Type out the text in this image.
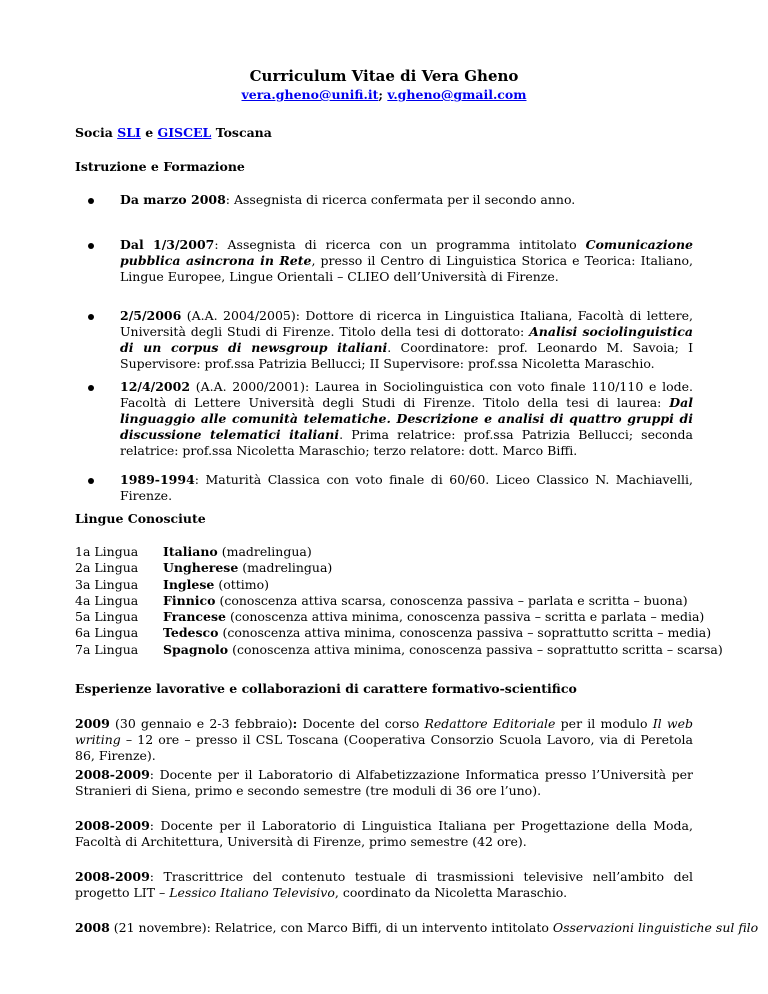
Curriculum Vitae di Vera Gheno
vera.gheno@unifi.it; v.gheno@gmail.com
Socia SLI e GISCEL Toscana
Istruzione e Formazione
Da marzo 2008: Assegnista di ricerca confermata per il secondo anno.
Dal 1/3/2007: Assegnista di ricerca con un programma intitolato Comunicazione pubblica asincrona in Rete, presso il Centro di Linguistica Storica e Teorica: Italiano, Lingue Europee, Lingue Orientali – CLIEO dell’Università di Firenze.
2/5/2006 (A.A. 2004/2005): Dottore di ricerca in Linguistica Italiana, Facoltà di lettere, Università degli Studi di Firenze. Titolo della tesi di dottorato: Analisi sociolinguistica di un corpus di newsgroup italiani. Coordinatore: prof. Leonardo M. Savoia; I Supervisore: prof.ssa Patrizia Bellucci; II Supervisore: prof.ssa Nicoletta Maraschio.
12/4/2002 (A.A. 2000/2001): Laurea in Sociolinguistica con voto finale 110/110 e lode. Facoltà di Lettere Università degli Studi di Firenze. Titolo della tesi di laurea: Dal linguaggio alle comunità telematiche. Descrizione e analisi di quattro gruppi di discussione telematici italiani. Prima relatrice: prof.ssa Patrizia Bellucci; seconda relatrice: prof.ssa Nicoletta Maraschio; terzo relatore: dott. Marco Biffi.
1989-1994: Maturità Classica con voto finale di 60/60. Liceo Classico N. Machiavelli, Firenze.
Lingue Conosciute
1a Lingua	Italiano (madrelingua)
2a Lingua	Ungherese (madrelingua)
3a Lingua	Inglese (ottimo)
4a Lingua	Finnico (conoscenza attiva scarsa, conoscenza passiva – parlata e scritta – buona)
5a Lingua	Francese (conoscenza attiva minima, conoscenza passiva – scritta e parlata – media)
6a Lingua	Tedesco (conoscenza attiva minima, conoscenza passiva – soprattutto scritta – media)
7a Lingua	Spagnolo (conoscenza attiva minima, conoscenza passiva – soprattutto scritta – scarsa)
Esperienze lavorative e collaborazioni di carattere formativo-scientifico
2009 (30 gennaio e 2-3 febbraio): Docente del corso Redattore Editoriale per il modulo Il web writing – 12 ore – presso il CSL Toscana (Cooperativa Consorzio Scuola Lavoro, via di Peretola 86, Firenze).
2008-2009: Docente per il Laboratorio di Alfabetizzazione Informatica presso l’Università per Stranieri di Siena, primo e secondo semestre (tre moduli di 36 ore l’uno).
2008-2009: Docente per il Laboratorio di Linguistica Italiana per Progettazione della Moda, Facoltà di Architettura, Università di Firenze, primo semestre (42 ore).
2008-2009: Trascrittrice del contenuto testuale di trasmissioni televisive nell’ambito del progetto LIT – Lessico Italiano Televisivo, coordinato da Nicoletta Maraschio.
2008 (21 novembre): Relatrice, con Marco Biffi, di un intervento intitolato Osservazioni linguistiche sul filo
